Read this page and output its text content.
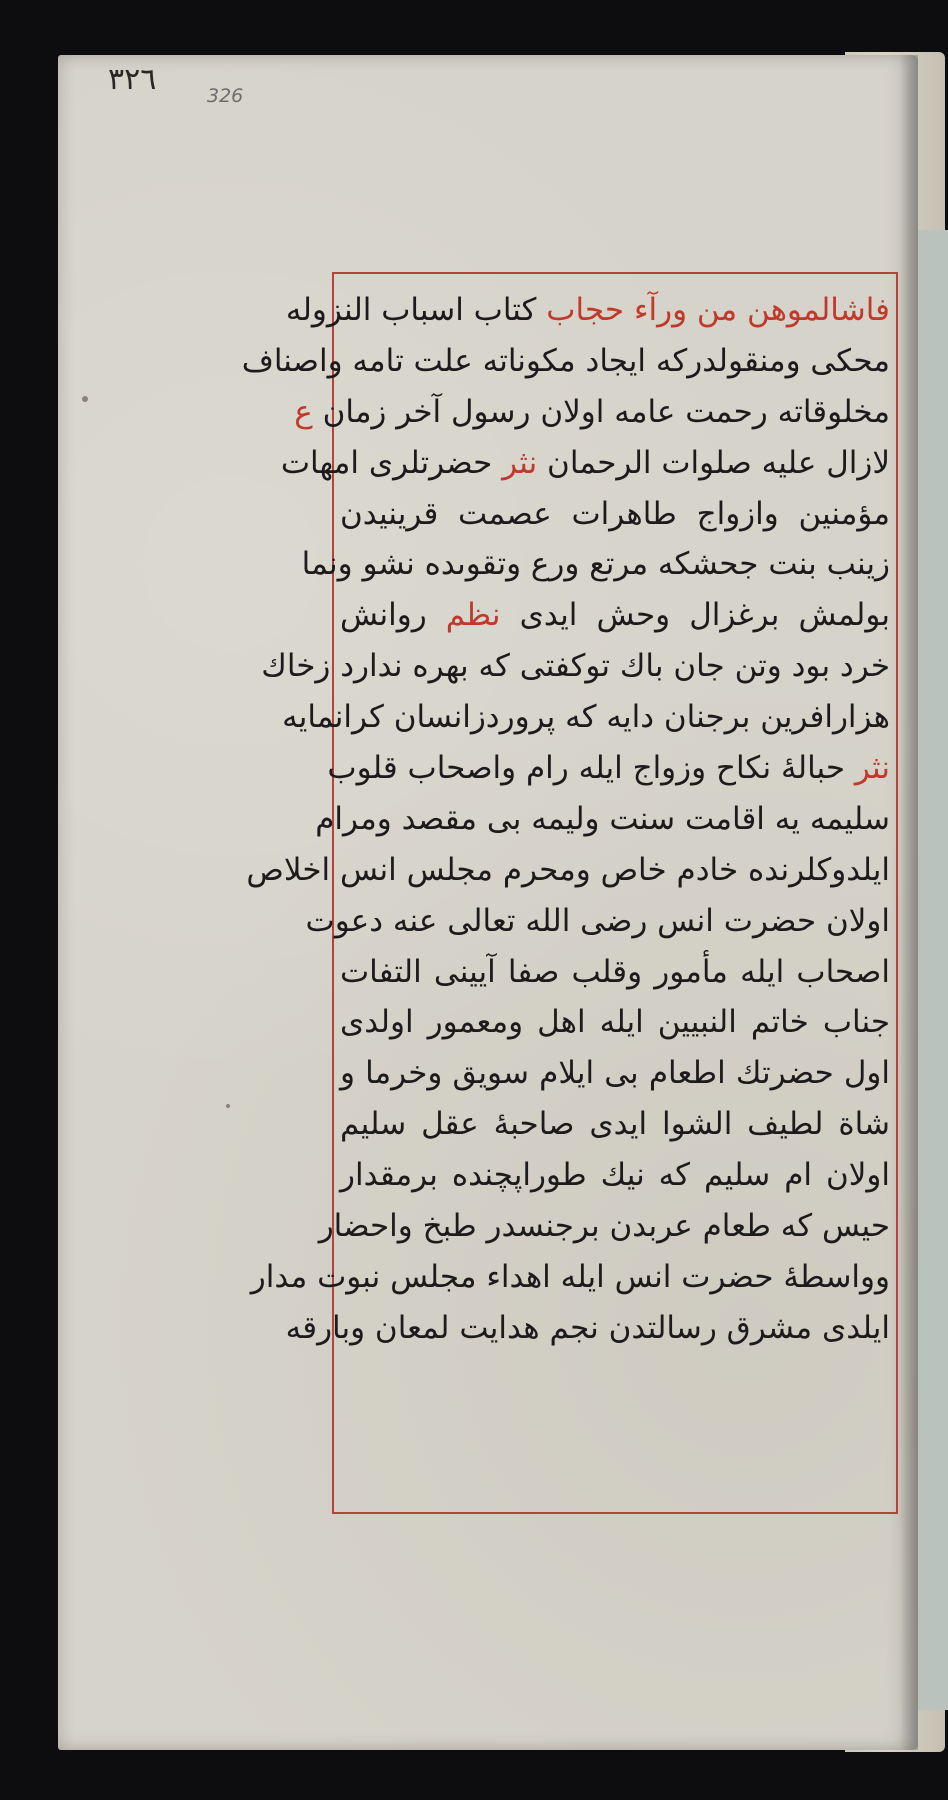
٣٢٦	326
فاشالموهن من ورآء حجاب كتاب اسباب النزوله
محكى ومنقولدركه ايجاد مكوناته علت تامه واصناف
مخلوقاته رحمت عامه اولان رسول آخر زمان ع
لازال عليه صلوات الرحمان نثر حضرتلرى امهات
مؤمنين وازواج طاهرات عصمت قرينيدن
زينب بنت جحشكه مرتع ورع وتقوىده نشو ونما
بولمش برغزال وحش ايدى نظم روانش
خرد بود وتن جان باك توكفتى كه بهره ندارد زخاك
هزارافرين برجنان دايه كه پروردزانسان كرانمايه
نثر حبالهٔ نكاح وزواج ايله رام واصحاب قلوب
سليمه يه اقامت سنت وليمه بى مقصد ومرام
ايلدوكلرنده خادم خاص ومحرم مجلس انس اخلاص
اولان حضرت انس رضى الله تعالى عنه دعوت
اصحاب ايله مأمور وقلب صفا آيينى التفات
جناب خاتم النبيين ايله اهل ومعمور اولدى
اول حضرتك اطعام بى ايلام سويق وخرما و
شاة لطيف الشوا ايدى صاحبهٔ عقل سليم
اولان ام سليم كه نيك طوراپچنده برمقدار
حيس كه طعام عربدن برجنسدر طبخ واحضار
وواسطهٔ حضرت انس ايله اهداء مجلس نبوت مدار
ايلدى مشرق رسالتدن نجم هدايت لمعان وبارقه
